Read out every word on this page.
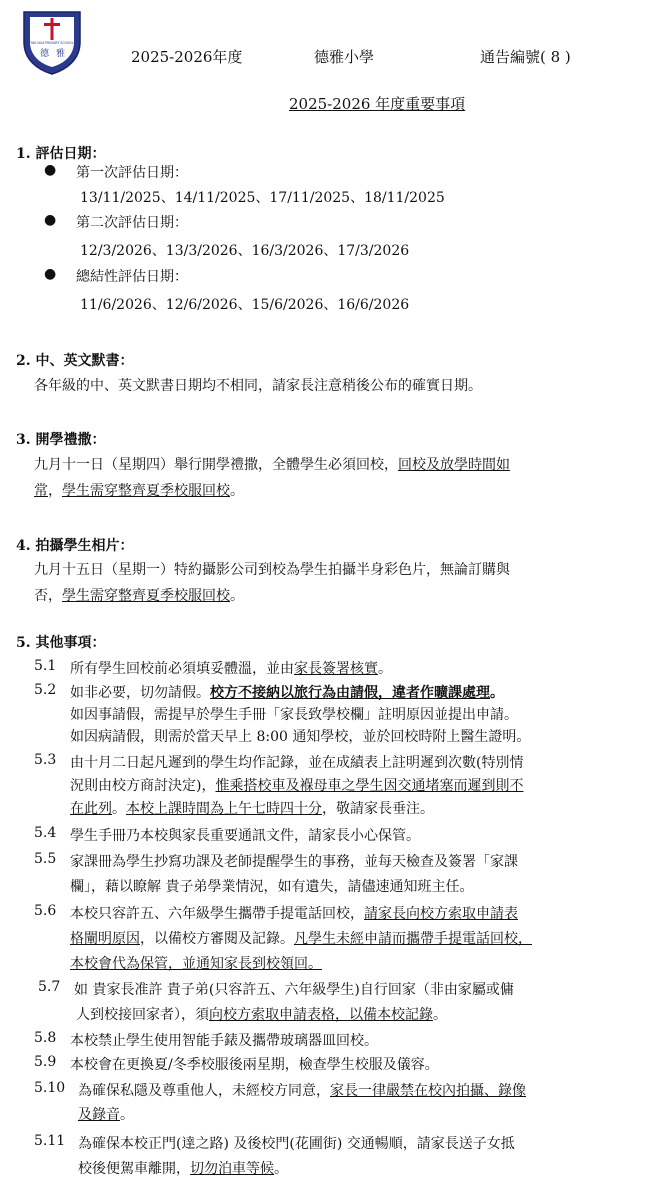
德 雅
TAK NGA PRIMARY SCHOOL
2025-2026年度	德雅小學	通告編號( 8 )
2025-2026 年度重要事項
1. 評估日期：
● 第一次評估日期：
13/11/2025、14/11/2025、17/11/2025、18/11/2025
● 第二次評估日期：
12/3/2026、13/3/2026、16/3/2026、17/3/2026
● 總結性評估日期：
11/6/2026、12/6/2026、15/6/2026、16/6/2026
2. 中、英文默書：
各年級的中、英文默書日期均不相同，請家長注意稍後公布的確實日期。
3. 開學禮撒：
九月十一日（星期四）舉行開學禮撒，全體學生必須回校，回校及放學時間如
常，學生需穿整齊夏季校服回校。
4. 拍攝學生相片：
九月十五日（星期一）特約攝影公司到校為學生拍攝半身彩色片，無論訂購與
否，學生需穿整齊夏季校服回校。
5. 其他事項：
5.1 所有學生回校前必須填妥體溫，並由家長簽署核實。
5.2 如非必要，切勿請假。校方不接納以旅行為由請假，違者作曠課處理。
如因事請假，需提早於學生手冊「家長致學校欄」註明原因並提出申請。
如因病請假，則需於當天早上 8:00 通知學校，並於回校時附上醫生證明。
5.3 由十月二日起凡遲到的學生均作記錄，並在成績表上註明遲到次數(特別情
況則由校方商討決定)，惟乘搭校車及褓母車之學生因交通堵塞而遲到則不
在此列。本校上課時間為上午七時四十分，敬請家長垂注。
5.4 學生手冊乃本校與家長重要通訊文件，請家長小心保管。
5.5 家課冊為學生抄寫功課及老師提醒學生的事務，並每天檢查及簽署「家課
欄」，藉以瞭解 貴子弟學業情況，如有遺失，請儘速通知班主任。
5.6 本校只容許五、六年級學生攜帶手提電話回校，請家長向校方索取申請表
格闡明原因，以備校方審閱及記錄。凡學生未經申請而攜帶手提電話回校，
本校會代為保管，並通知家長到校領回。
5.7 如 貴家長准許 貴子弟(只容許五、六年級學生)自行回家（非由家屬或傭
人到校接回家者），須向校方索取申請表格，以備本校記錄。
5.8 本校禁止學生使用智能手錶及攜帶玻璃器皿回校。
5.9 本校會在更換夏/冬季校服後兩星期，檢查學生校服及儀容。
5.10 為確保私隱及尊重他人，未經校方同意，家長一律嚴禁在校內拍攝、錄像
及錄音。
5.11 為確保本校正門(達之路) 及後校門(花圃街) 交通暢順，請家長送子女抵
校後便駕車離開，切勿泊車等候。
